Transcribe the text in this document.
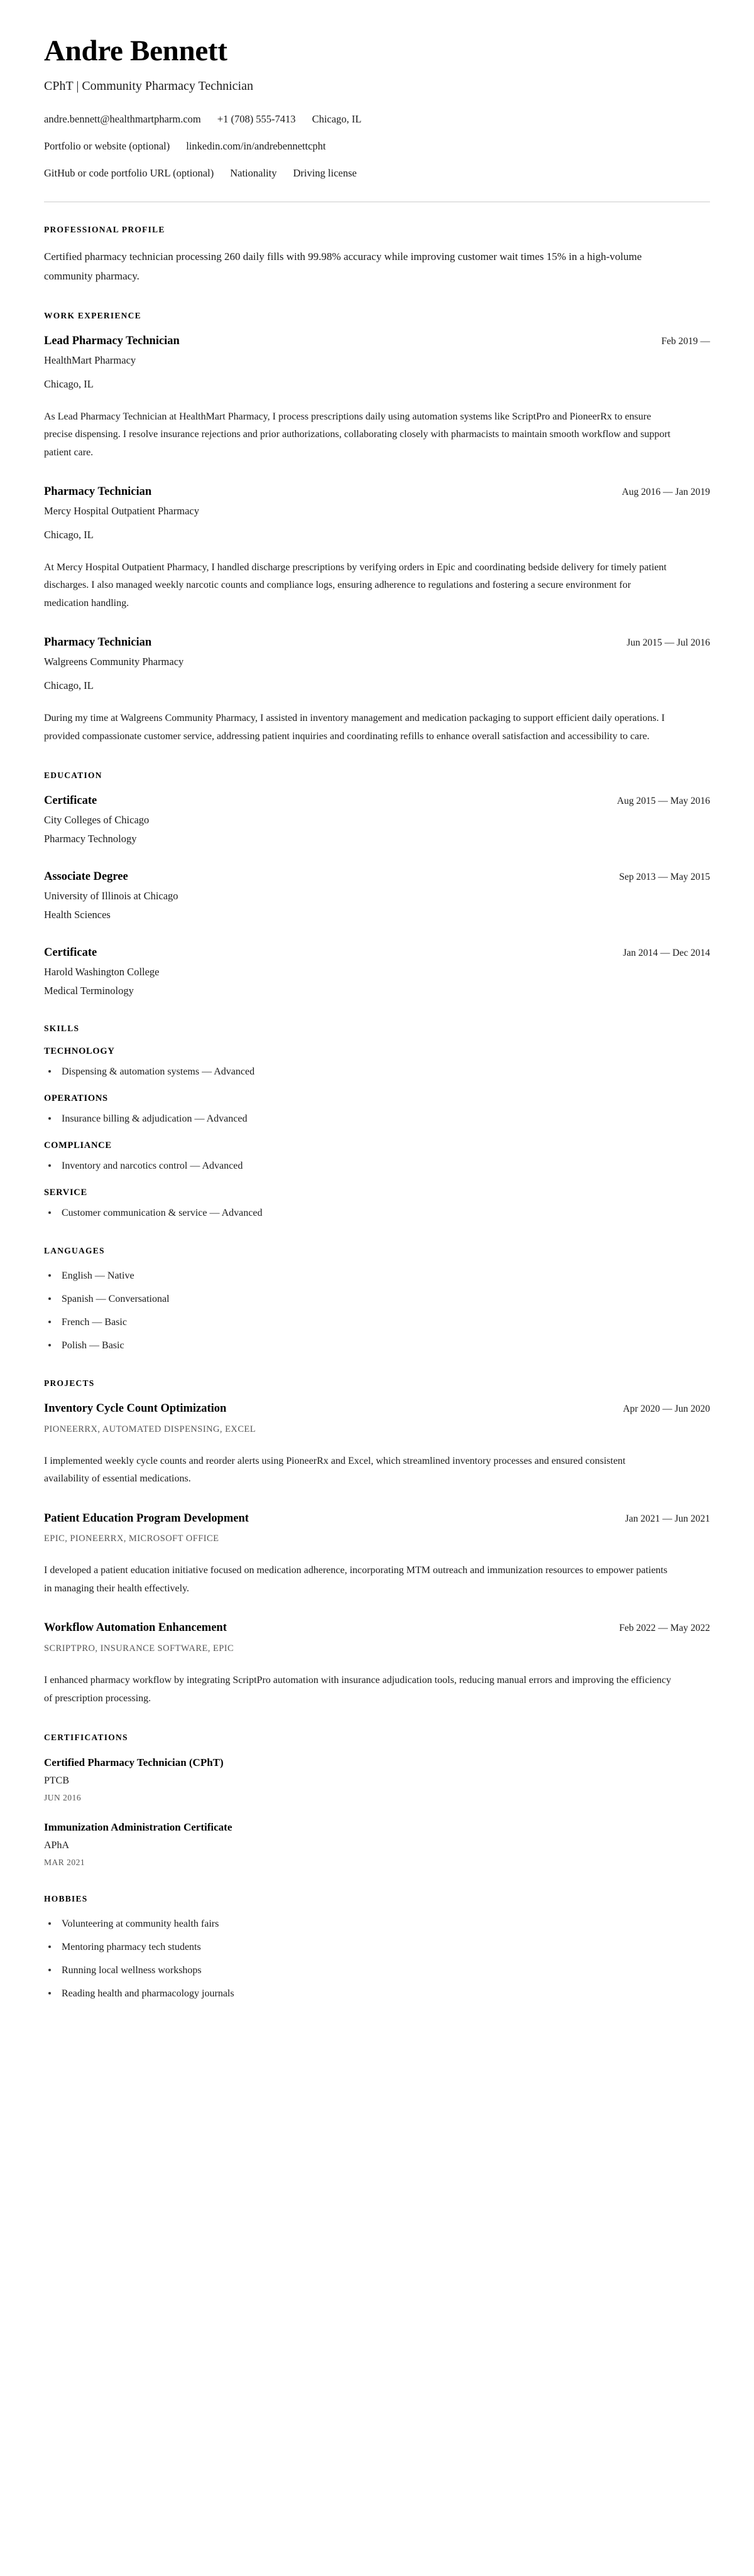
Andre Bennett

CPhT | Community Pharmacy Technician

andre.bennett@healthmartpharm.com +1 (708) 555-7413 Chicago, IL
Portfolio or website (optional) linkedin.com/in/andrebennettcpht
GitHub or code portfolio URL (optional) Nationality Driving license
PROFESSIONAL PROFILE

Certified pharmacy technician processing 260 daily fills with 99.98% accuracy while improving customer wait times 15% in a high-volume community pharmacy.

WORK EXPERIENCE
Lead Pharmacy Technician	Feb 2019 —

HealthMart Pharmacy

Chicago, IL

As Lead Pharmacy Technician at HealthMart Pharmacy, I process prescriptions daily using automation systems like ScriptPro and PioneerRx to ensure precise dispensing. I resolve insurance rejections and prior authorizations, collaborating closely with pharmacists to maintain smooth workflow and support patient care.

Pharmacy Technician	Aug 2016 — Jan 2019

Mercy Hospital Outpatient Pharmacy

Chicago, IL

At Mercy Hospital Outpatient Pharmacy, I handled discharge prescriptions by verifying orders in Epic and coordinating bedside delivery for timely patient discharges. I also managed weekly narcotic counts and compliance logs, ensuring adherence to regulations and fostering a secure environment for medication handling.

Pharmacy Technician	Jun 2015 — Jul 2016

Walgreens Community Pharmacy

Chicago, IL

During my time at Walgreens Community Pharmacy, I assisted in inventory management and medication packaging to support efficient daily operations. I provided compassionate customer service, addressing patient inquiries and coordinating refills to enhance overall satisfaction and accessibility to care.

EDUCATION
Certificate	Aug 2015 — May 2016

City Colleges of Chicago

Pharmacy Technology

Associate Degree	Sep 2013 — May 2015

University of Illinois at Chicago

Health Sciences

Certificate	Jan 2014 — Dec 2014

Harold Washington College

Medical Terminology

SKILLS
TECHNOLOGY
Dispensing & automation systems — Advanced
OPERATIONS
Insurance billing & adjudication — Advanced
COMPLIANCE
Inventory and narcotics control — Advanced
SERVICE
Customer communication & service — Advanced
LANGUAGES
English — Native
Spanish — Conversational
French — Basic
Polish — Basic
PROJECTS
Inventory Cycle Count Optimization	Apr 2020 — Jun 2020

PIONEERRX, AUTOMATED DISPENSING, EXCEL

I implemented weekly cycle counts and reorder alerts using PioneerRx and Excel, which streamlined inventory processes and ensured consistent availability of essential medications.

Patient Education Program Development	Jan 2021 — Jun 2021

EPIC, PIONEERRX, MICROSOFT OFFICE

I developed a patient education initiative focused on medication adherence, incorporating MTM outreach and immunization resources to empower patients in managing their health effectively.

Workflow Automation Enhancement	Feb 2022 — May 2022

SCRIPTPRO, INSURANCE SOFTWARE, EPIC

I enhanced pharmacy workflow by integrating ScriptPro automation with insurance adjudication tools, reducing manual errors and improving the efficiency of prescription processing.

CERTIFICATIONS
Certified Pharmacy Technician (CPhT)

PTCB

JUN 2016

Immunization Administration Certificate

APhA

MAR 2021

HOBBIES
Volunteering at community health fairs
Mentoring pharmacy tech students
Running local wellness workshops
Reading health and pharmacology journals
